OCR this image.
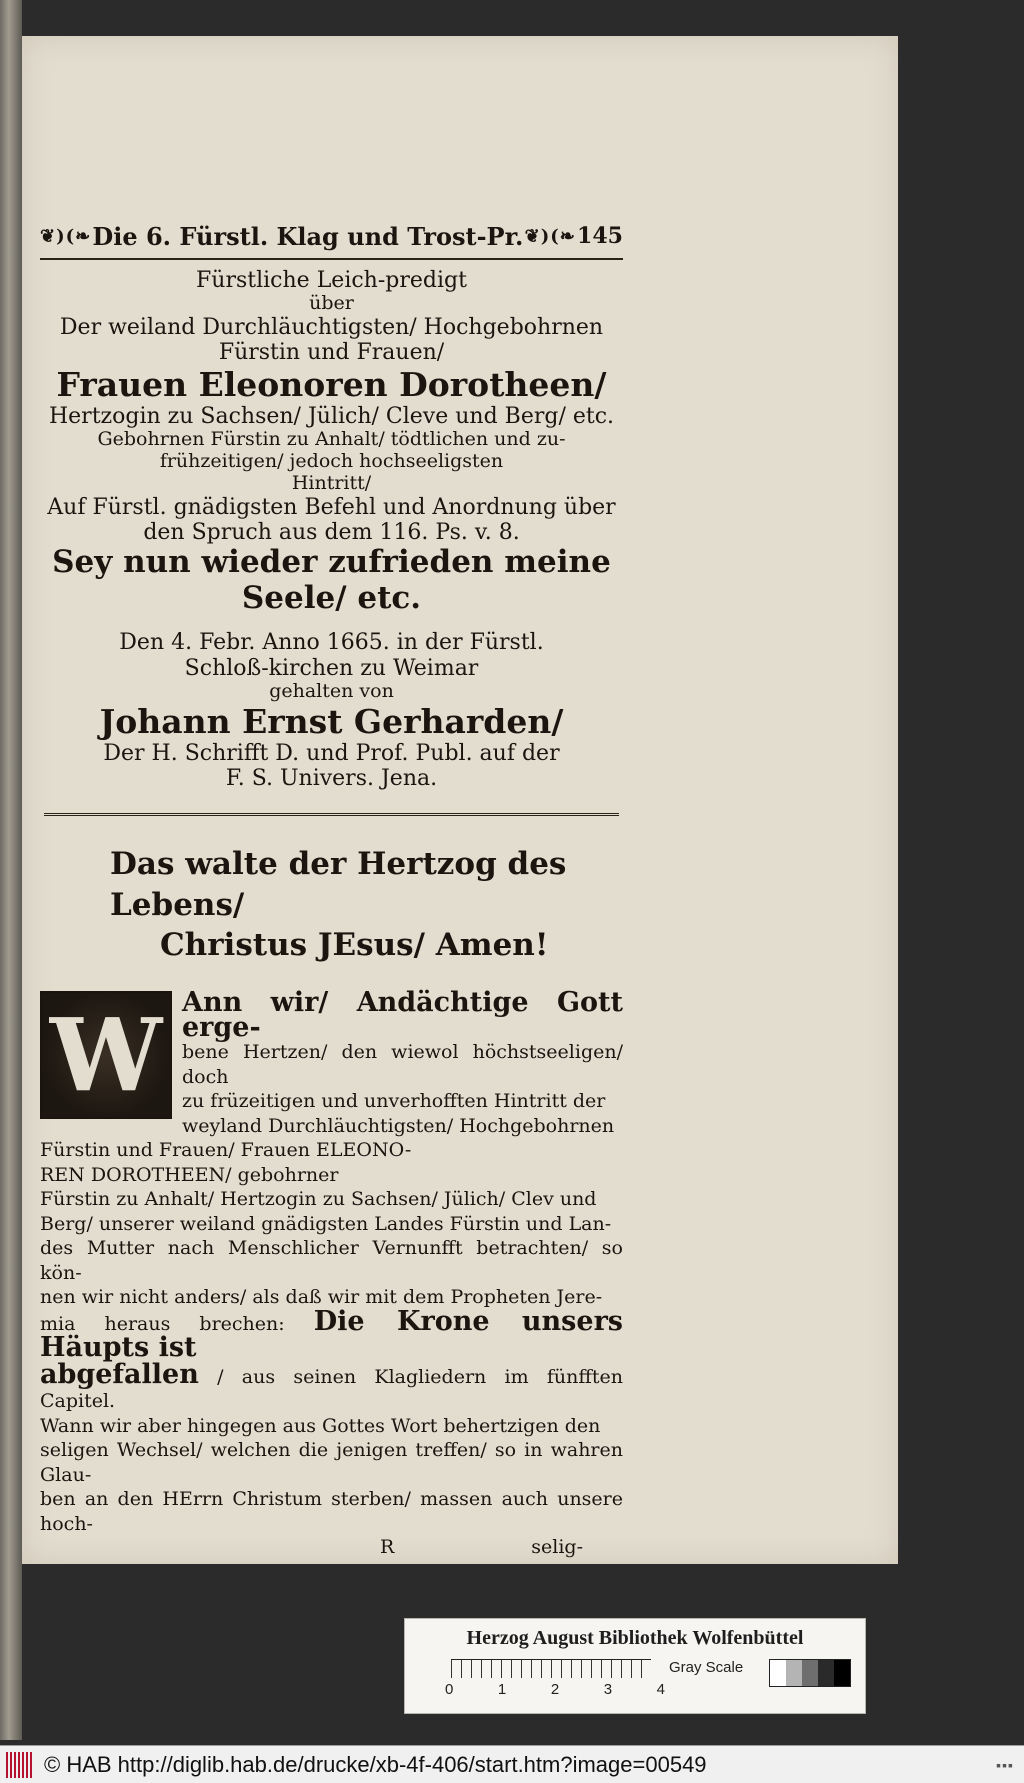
❦)(❧ Die 6. Fürstl. Klag und Trost-Pr. ❦)(❧ 145

Fürstliche Leich-predigt

über

Der weiland Durchläuchtigsten/ Hochgebohrnen

Fürstin und Frauen/

Frauen Eleonoren Dorotheen/

Hertzogin zu Sachsen/ Jülich/ Cleve und Berg/ etc.

Gebohrnen Fürstin zu Anhalt/ tödtlichen und zu-

frühzeitigen/ jedoch hochseeligsten

Hintritt/

Auf Fürstl. gnädigsten Befehl und Anordnung über

den Spruch aus dem 116. Ps. v. 8.

Sey nun wieder zufrieden meine Seele/ etc.

Den 4. Febr. Anno 1665. in der Fürstl.

Schloß-kirchen zu Weimar

gehalten von

Johann Ernst Gerharden/

Der H. Schrifft D. und Prof. Publ. auf der

F. S. Univers. Jena.

Das walte der Hertzog des Lebens/
Christus JEsus/ Amen!
W Ann wir/ Andächtige Gott erge-
bene Hertzen/ den wiewol höchstseeligen/ doch
zu früzeitigen und unverhofften Hintritt der
weyland Durchläuchtigsten/ Hochgebohrnen
Fürstin und Frauen/ Frauen ELEONO-
REN DOROTHEEN/ gebohrner
Fürstin zu Anhalt/ Hertzogin zu Sachsen/ Jülich/ Clev und
Berg/ unserer weiland gnädigsten Landes Fürstin und Lan-
des Mutter nach Menschlicher Vernunfft betrachten/ so kön-
nen wir nicht anders/ als daß wir mit dem Propheten Jere-
mia heraus brechen: Die Krone unsers Häupts ist
abgefallen / aus seinen Klagliedern im fünfften Capitel.
Wann wir aber hingegen aus Gottes Wort behertzigen den
seligen Wechsel/ welchen die jenigen treffen/ so in wahren Glau-
ben an den HErrn Christum sterben/ massen auch unsere hoch-
R	selig-
Herzog August Bibliothek Wolfenbüttel
0	1	2	3	4
Gray Scale
© HAB http://diglib.hab.de/drucke/xb-4f-406/start.htm?image=00549	▪▪▪
